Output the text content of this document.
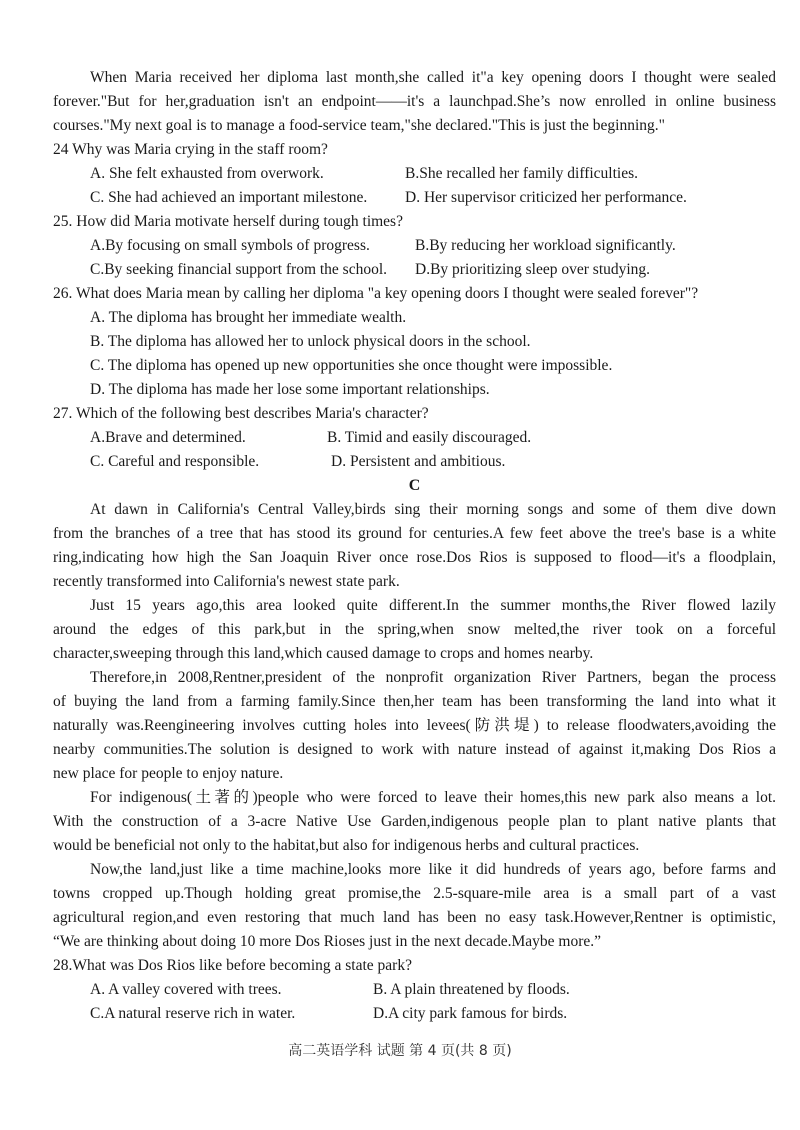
When Maria received her diploma last month,she called it"a key opening doors I thought were sealed
forever."But for her,graduation isn't an endpoint——it's a launchpad.She’s now enrolled in online business
courses."My next goal is to manage a food-service team,"she declared."This is just the beginning."
24 Why was Maria crying in the staff room?
A. She felt exhausted from overwork.	B.She recalled her family difficulties.
C. She had achieved an important milestone. D. Her supervisor criticized her performance.
25. How did Maria motivate herself during tough times?
A.By focusing on small symbols of progress.	B.By reducing her workload significantly.
C.By seeking financial support from the school. D.By prioritizing sleep over studying.
26. What does Maria mean by calling her diploma "a key opening doors I thought were sealed forever"?
A. The diploma has brought her immediate wealth.
B. The diploma has allowed her to unlock physical doors in the school.
C. The diploma has opened up new opportunities she once thought were impossible.
D. The diploma has made her lose some important relationships.
27. Which of the following best describes Maria's character?
A.Brave and determined.	B. Timid and easily discouraged.
C. Careful and responsible.	D. Persistent and ambitious.
C
At dawn in California's Central Valley,birds sing their morning songs and some of them dive down
from the branches of a tree that has stood its ground for centuries.A few feet above the tree's base is a white
ring,indicating how high the San Joaquin River once rose.Dos Rios is supposed to flood—it's a floodplain,
recently transformed into California's newest state park.
Just 15 years ago,this area looked quite different.In the summer months,the River flowed lazily
around the edges of this park,but in the spring,when snow melted,the river took on a forceful
character,sweeping through this land,which caused damage to crops and homes nearby.
Therefore,in 2008,Rentner,president of the nonprofit organization River Partners, began the process
of buying the land from a farming family.Since then,her team has been transforming the land into what it
naturally was.Reengineering involves cutting holes into levees(防洪堤) to release floodwaters,avoiding the
nearby communities.The solution is designed to work with nature instead of against it,making Dos Rios a
new place for people to enjoy nature.
For indigenous(土著的)people who were forced to leave their homes,this new park also means a lot.
With the construction of a 3-acre Native Use Garden,indigenous people plan to plant native plants that
would be beneficial not only to the habitat,but also for indigenous herbs and cultural practices.
Now,the land,just like a time machine,looks more like it did hundreds of years ago, before farms and
towns cropped up.Though holding great promise,the 2.5-square-mile area is a small part of a vast
agricultural region,and even restoring that much land has been no easy task.However,Rentner is optimistic,
“We are thinking about doing 10 more Dos Rioses just in the next decade.Maybe more.”
28.What was Dos Rios like before becoming a state park?
A. A valley covered with trees.	B. A plain threatened by floods.
C.A natural reserve rich in water.	D.A city park famous for birds.
高二英语学科 试题 第 4 页(共 8 页)
